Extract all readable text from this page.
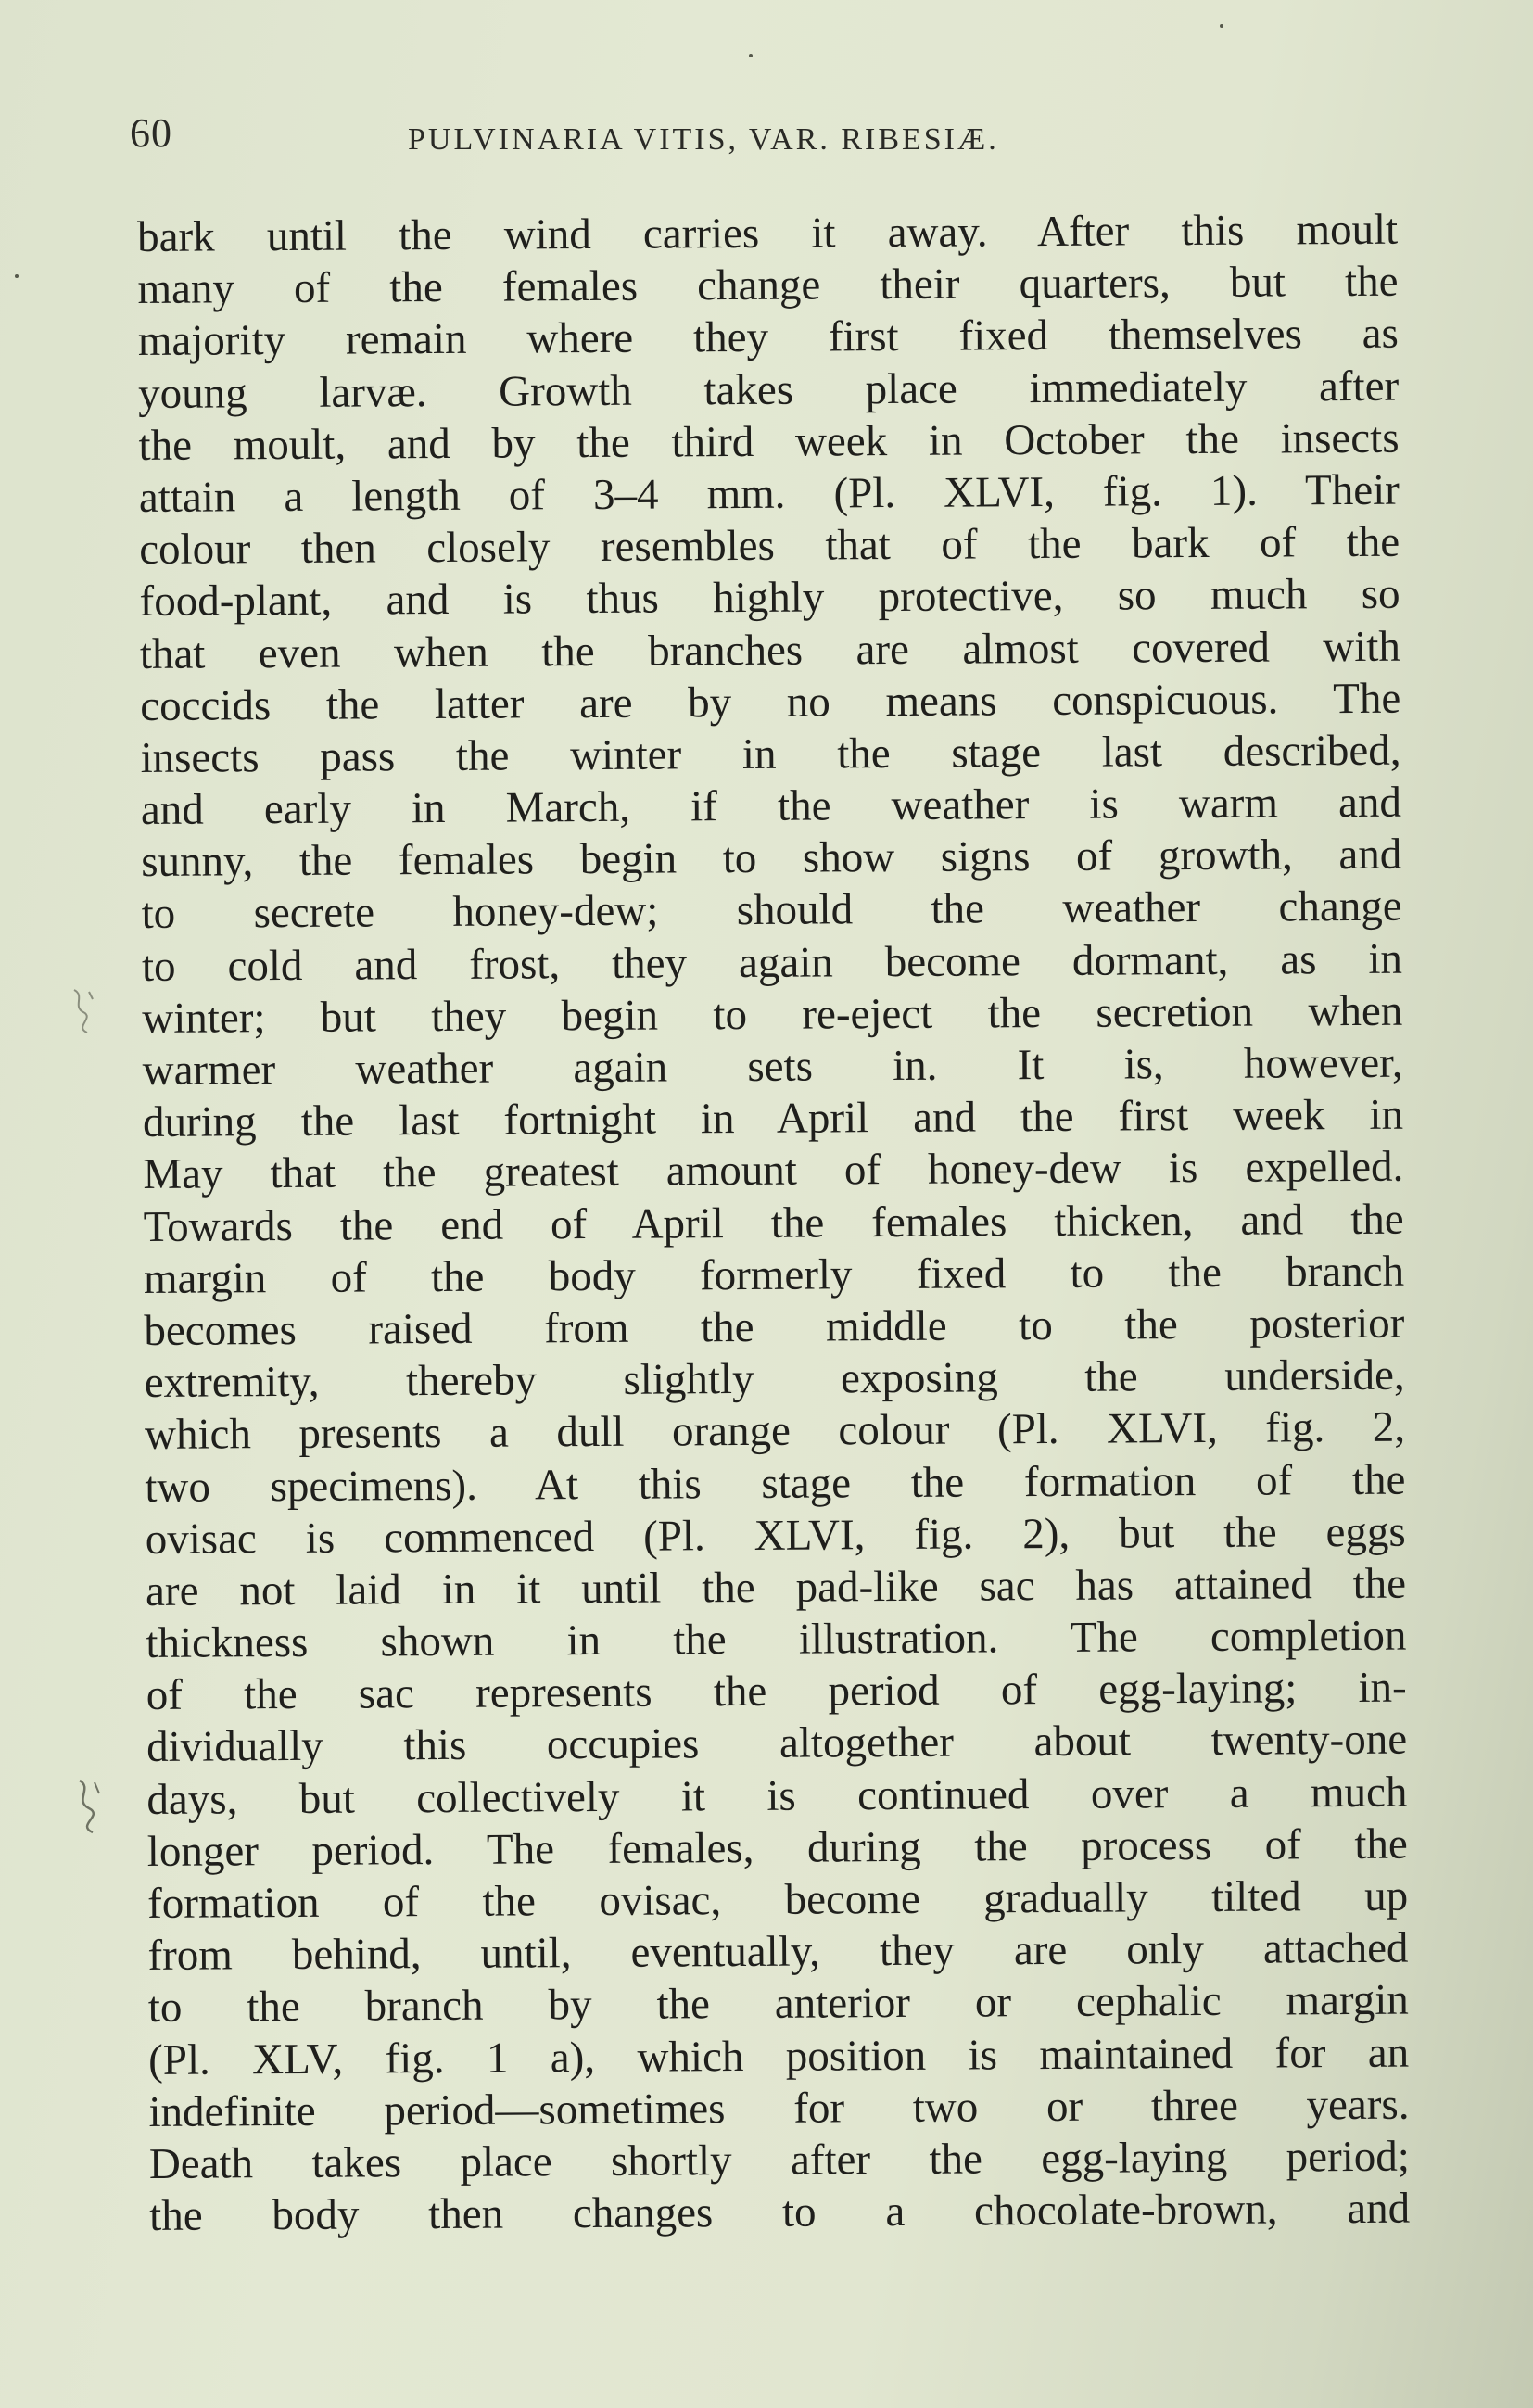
60	PULVINARIA VITIS, VAR. RIBESIÆ.
bark until the wind carries it away. After this moult
many of the females change their quarters, but the
majority remain where they first fixed themselves as
young larvæ. Growth takes place immediately after
the moult, and by the third week in October the insects
attain a length of 3–4 mm. (Pl. XLVI, fig. 1). Their
colour then closely resembles that of the bark of the
food-plant, and is thus highly protective, so much so
that even when the branches are almost covered with
coccids the latter are by no means conspicuous. The
insects pass the winter in the stage last described,
and early in March, if the weather is warm and
sunny, the females begin to show signs of growth, and
to secrete honey-dew; should the weather change
to cold and frost, they again become dormant, as in
winter; but they begin to re-eject the secretion when
warmer weather again sets in. It is, however,
during the last fortnight in April and the first week in
May that the greatest amount of honey-dew is expelled.
Towards the end of April the females thicken, and the
margin of the body formerly fixed to the branch
becomes raised from the middle to the posterior
extremity, thereby slightly exposing the underside,
which presents a dull orange colour (Pl. XLVI, fig. 2,
two specimens). At this stage the formation of the
ovisac is commenced (Pl. XLVI, fig. 2), but the eggs
are not laid in it until the pad-like sac has attained the
thickness shown in the illustration. The completion
of the sac represents the period of egg-laying; in-
dividually this occupies altogether about twenty-one
days, but collectively it is continued over a much
longer period. The females, during the process of the
formation of the ovisac, become gradually tilted up
from behind, until, eventually, they are only attached
to the branch by the anterior or cephalic margin
(Pl. XLV, fig. 1 a), which position is maintained for an
indefinite period—sometimes for two or three years.
Death takes place shortly after the egg-laying period;
the body then changes to a chocolate-brown, and
